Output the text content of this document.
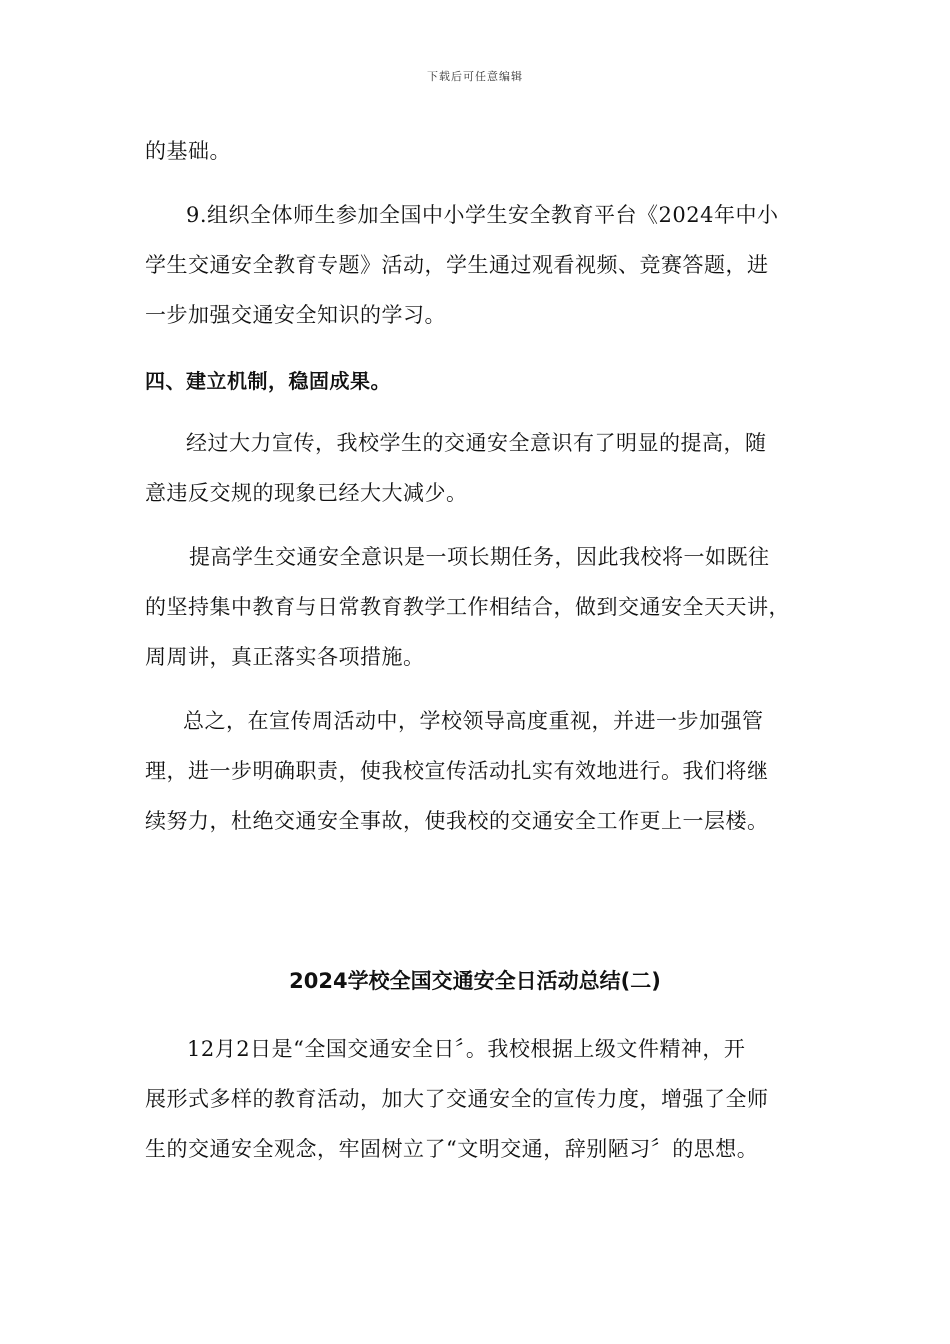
下载后可任意编辑
的基础。
9.组织全体师生参加全国中小学生安全教育平台《2024年中小
学生交通安全教育专题》活动，学生通过观看视频、竞赛答题，进
一步加强交通安全知识的学习。
四、建立机制，稳固成果。
经过大力宣传，我校学生的交通安全意识有了明显的提高，随
意违反交规的现象已经大大减少。
提高学生交通安全意识是一项长期任务，因此我校将一如既往
的坚持集中教育与日常教育教学工作相结合，做到交通安全天天讲，
周周讲，真正落实各项措施。
总之，在宣传周活动中，学校领导高度重视，并进一步加强管
理，进一步明确职责，使我校宣传活动扎实有效地进行。我们将继
续努力，杜绝交通安全事故，使我校的交通安全工作更上一层楼。
2024学校全国交通安全日活动总结(二)
12月2日是“全国交通安全日〞。我校根据上级文件精神，开
展形式多样的教育活动，加大了交通安全的宣传力度，增强了全师
生的交通安全观念，牢固树立了“文明交通，辞别陋习〞的思想。
